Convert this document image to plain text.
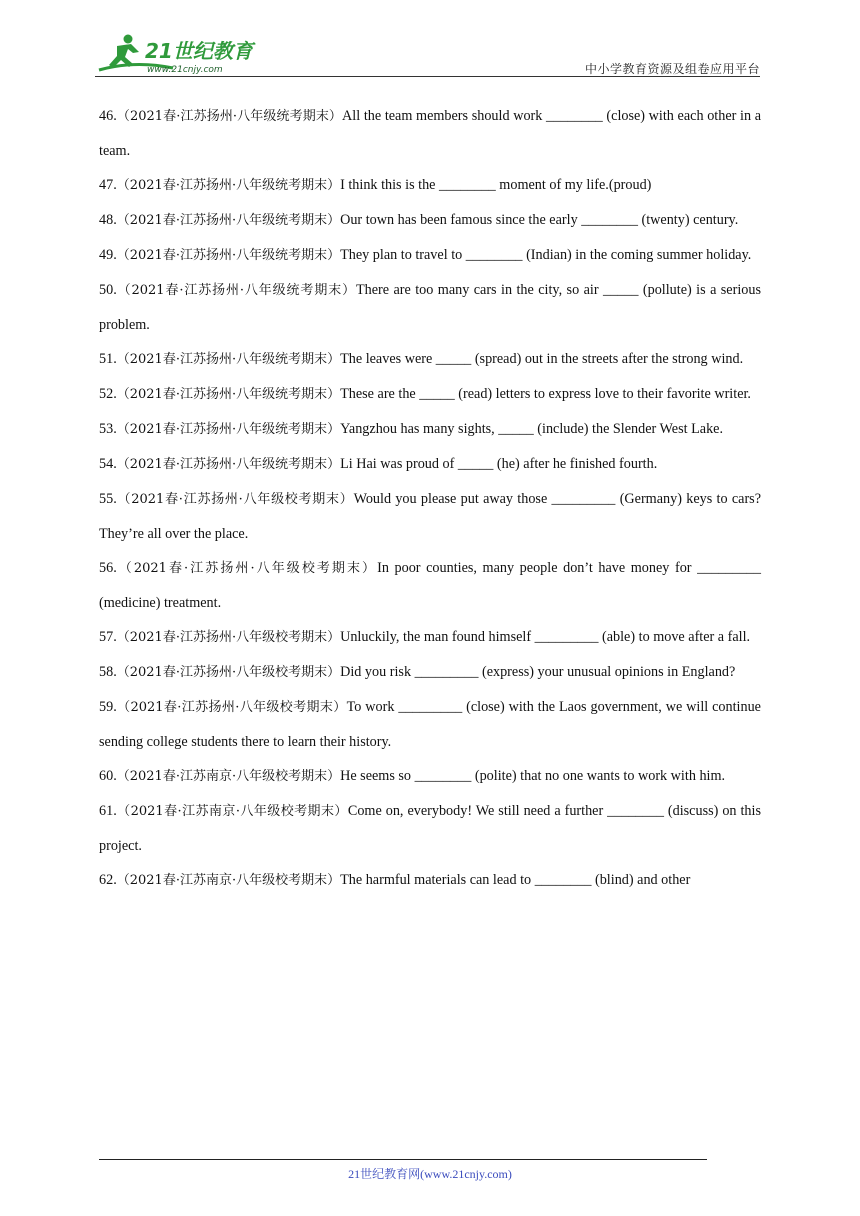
21世纪教育
www.21cnjy.com	中小学教育资源及组卷应用平台
46.（2021春·江苏扬州·八年级统考期末）All the team members should work ________ (close) with each other in a team.
47.（2021春·江苏扬州·八年级统考期末）I think this is the ________ moment of my life.(proud)
48.（2021春·江苏扬州·八年级统考期末）Our town has been famous since the early ________ (twenty) century.
49.（2021春·江苏扬州·八年级统考期末）They plan to travel to ________ (Indian) in the coming summer holiday.
50.（2021春·江苏扬州·八年级统考期末）There are too many cars in the city, so air _____ (pollute) is a serious problem.
51.（2021春·江苏扬州·八年级统考期末）The leaves were _____ (spread) out in the streets after the strong wind.
52.（2021春·江苏扬州·八年级统考期末）These are the _____ (read) letters to express love to their favorite writer.
53.（2021春·江苏扬州·八年级统考期末）Yangzhou has many sights, _____ (include) the Slender West Lake.
54.（2021春·江苏扬州·八年级统考期末）Li Hai was proud of _____ (he) after he finished fourth.
55.（2021春·江苏扬州·八年级校考期末）Would you please put away those _________ (Germany) keys to cars? They’re all over the place.
56.（2021春·江苏扬州·八年级校考期末）In poor counties, many people don’t have money for _________ (medicine) treatment.
57.（2021春·江苏扬州·八年级校考期末）Unluckily, the man found himself _________ (able) to move after a fall.
58.（2021春·江苏扬州·八年级校考期末）Did you risk _________ (express) your unusual opinions in England?
59.（2021春·江苏扬州·八年级校考期末）To work _________ (close) with the Laos government, we will continue sending college students there to learn their history.
60.（2021春·江苏南京·八年级校考期末）He seems so ________ (polite) that no one wants to work with him.
61.（2021春·江苏南京·八年级校考期末）Come on, everybody! We still need a further ________ (discuss) on this project.
62.（2021春·江苏南京·八年级校考期末）The harmful materials can lead to ________ (blind) and other
21世纪教育网(www.21cnjy.com)
